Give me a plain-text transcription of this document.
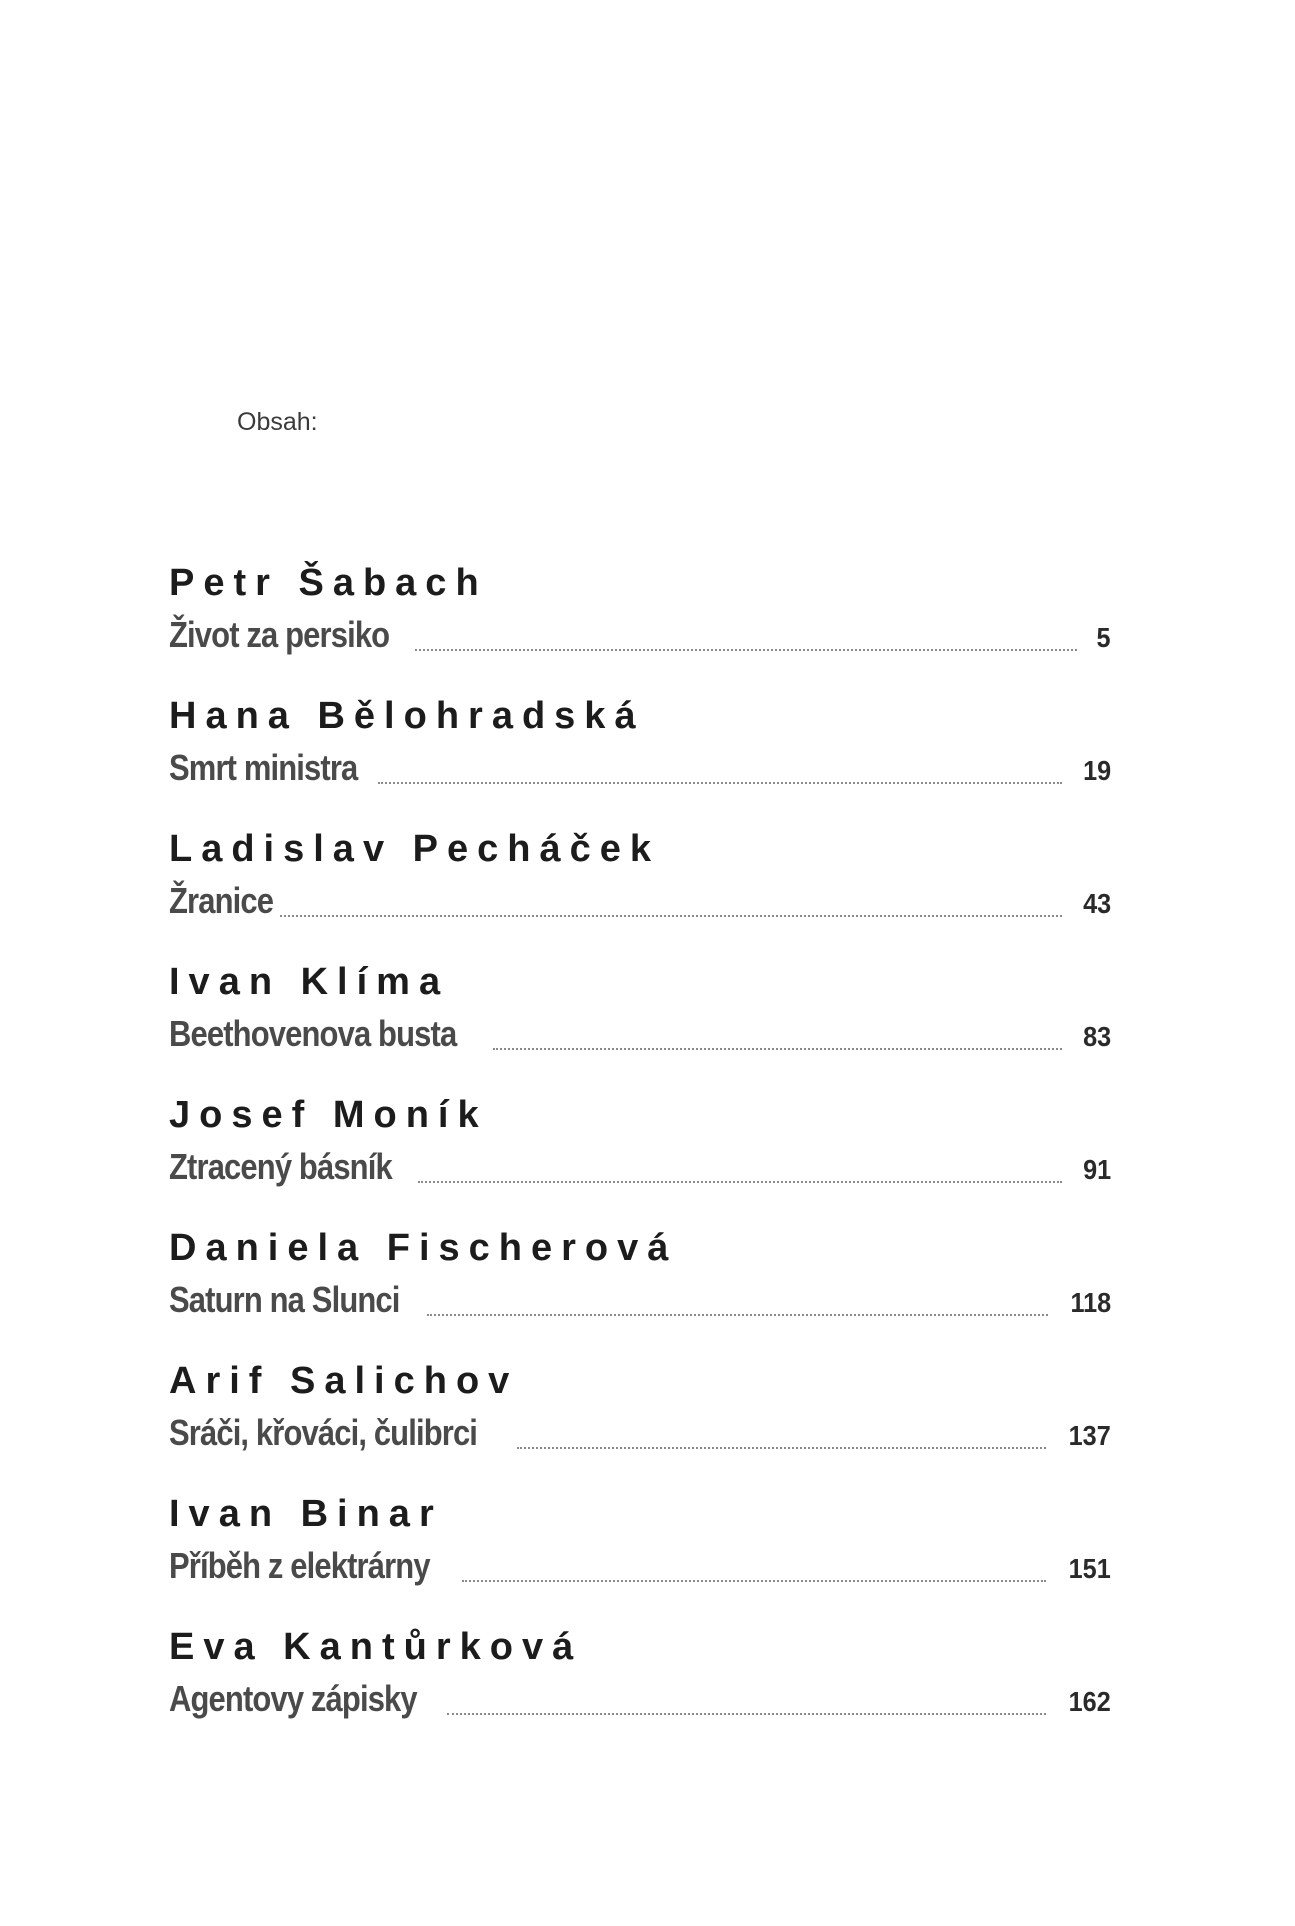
Obsah:
Petr Šabach
Život za persiko	5
Hana Bělohradská
Smrt ministra	19
Ladislav Pecháček
Žranice	43
Ivan Klíma
Beethovenova busta	83
Josef Moník
Ztracený básník	91
Daniela Fischerová
Saturn na Slunci	118
Arif Salichov
Sráči, křováci, čulibrci	137
Ivan Binar
Příběh z elektrárny	151
Eva Kantůrková
Agentovy zápisky	162
